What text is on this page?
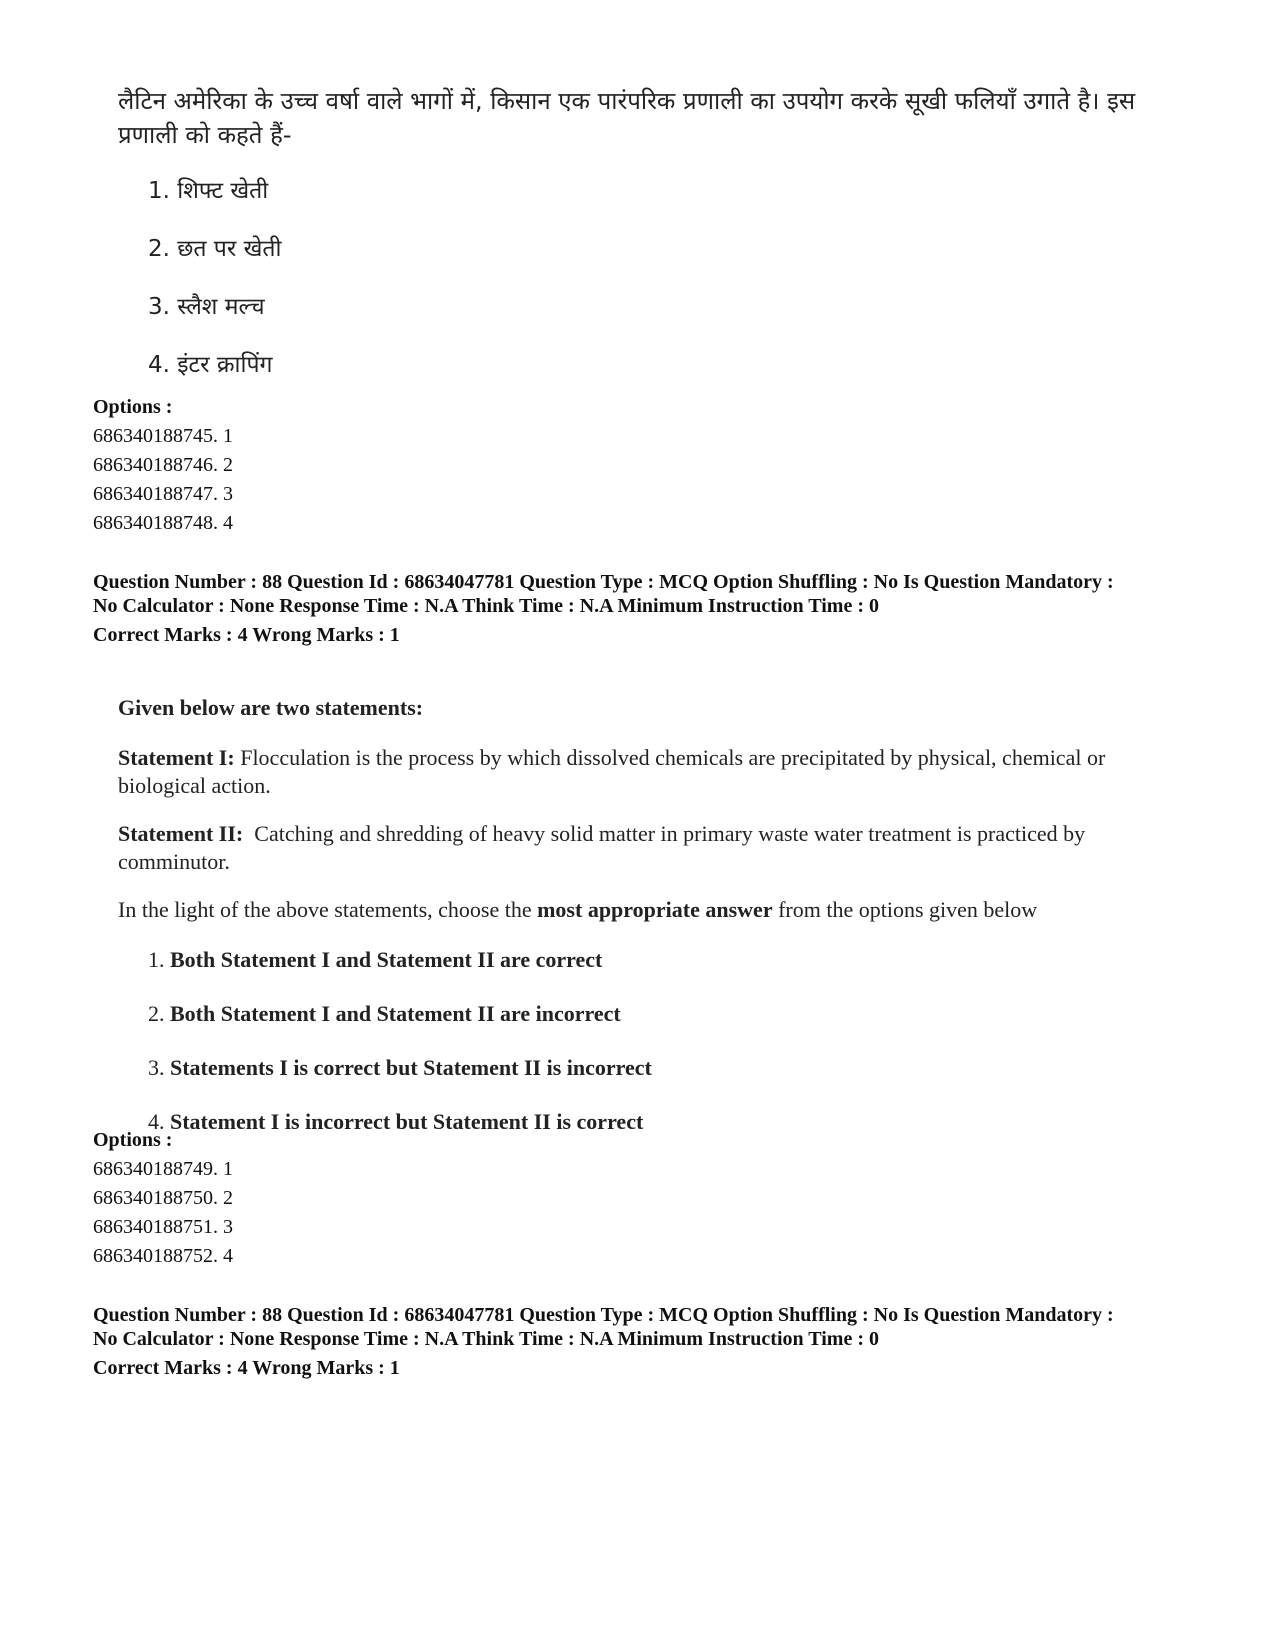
लैटिन अमेरिका के उच्च वर्षा वाले भागों में, किसान एक पारंपरिक प्रणाली का उपयोग करके सूखी फलियाँ उगाते है। इस प्रणाली को कहते हैं-
1. शिफ्ट खेती
2. छत पर खेती
3. स्लैश मल्च
4. इंटर क्रापिंग
Options :
686340188745. 1
686340188746. 2
686340188747. 3
686340188748. 4
Question Number : 88 Question Id : 68634047781 Question Type : MCQ Option Shuffling : No Is Question Mandatory :
No Calculator : None Response Time : N.A Think Time : N.A Minimum Instruction Time : 0
Correct Marks : 4 Wrong Marks : 1
Given below are two statements:
Statement I: Flocculation is the process by which dissolved chemicals are precipitated by physical, chemical or biological action.
Statement II:  Catching and shredding of heavy solid matter in primary waste water treatment is practiced by comminutor.
In the light of the above statements, choose the most appropriate answer from the options given below
1. Both Statement I and Statement II are correct
2. Both Statement I and Statement II are incorrect
3. Statements I is correct but Statement II is incorrect
4. Statement I is incorrect but Statement II is correct
Options :
686340188749. 1
686340188750. 2
686340188751. 3
686340188752. 4
Question Number : 88 Question Id : 68634047781 Question Type : MCQ Option Shuffling : No Is Question Mandatory :
No Calculator : None Response Time : N.A Think Time : N.A Minimum Instruction Time : 0
Correct Marks : 4 Wrong Marks : 1
